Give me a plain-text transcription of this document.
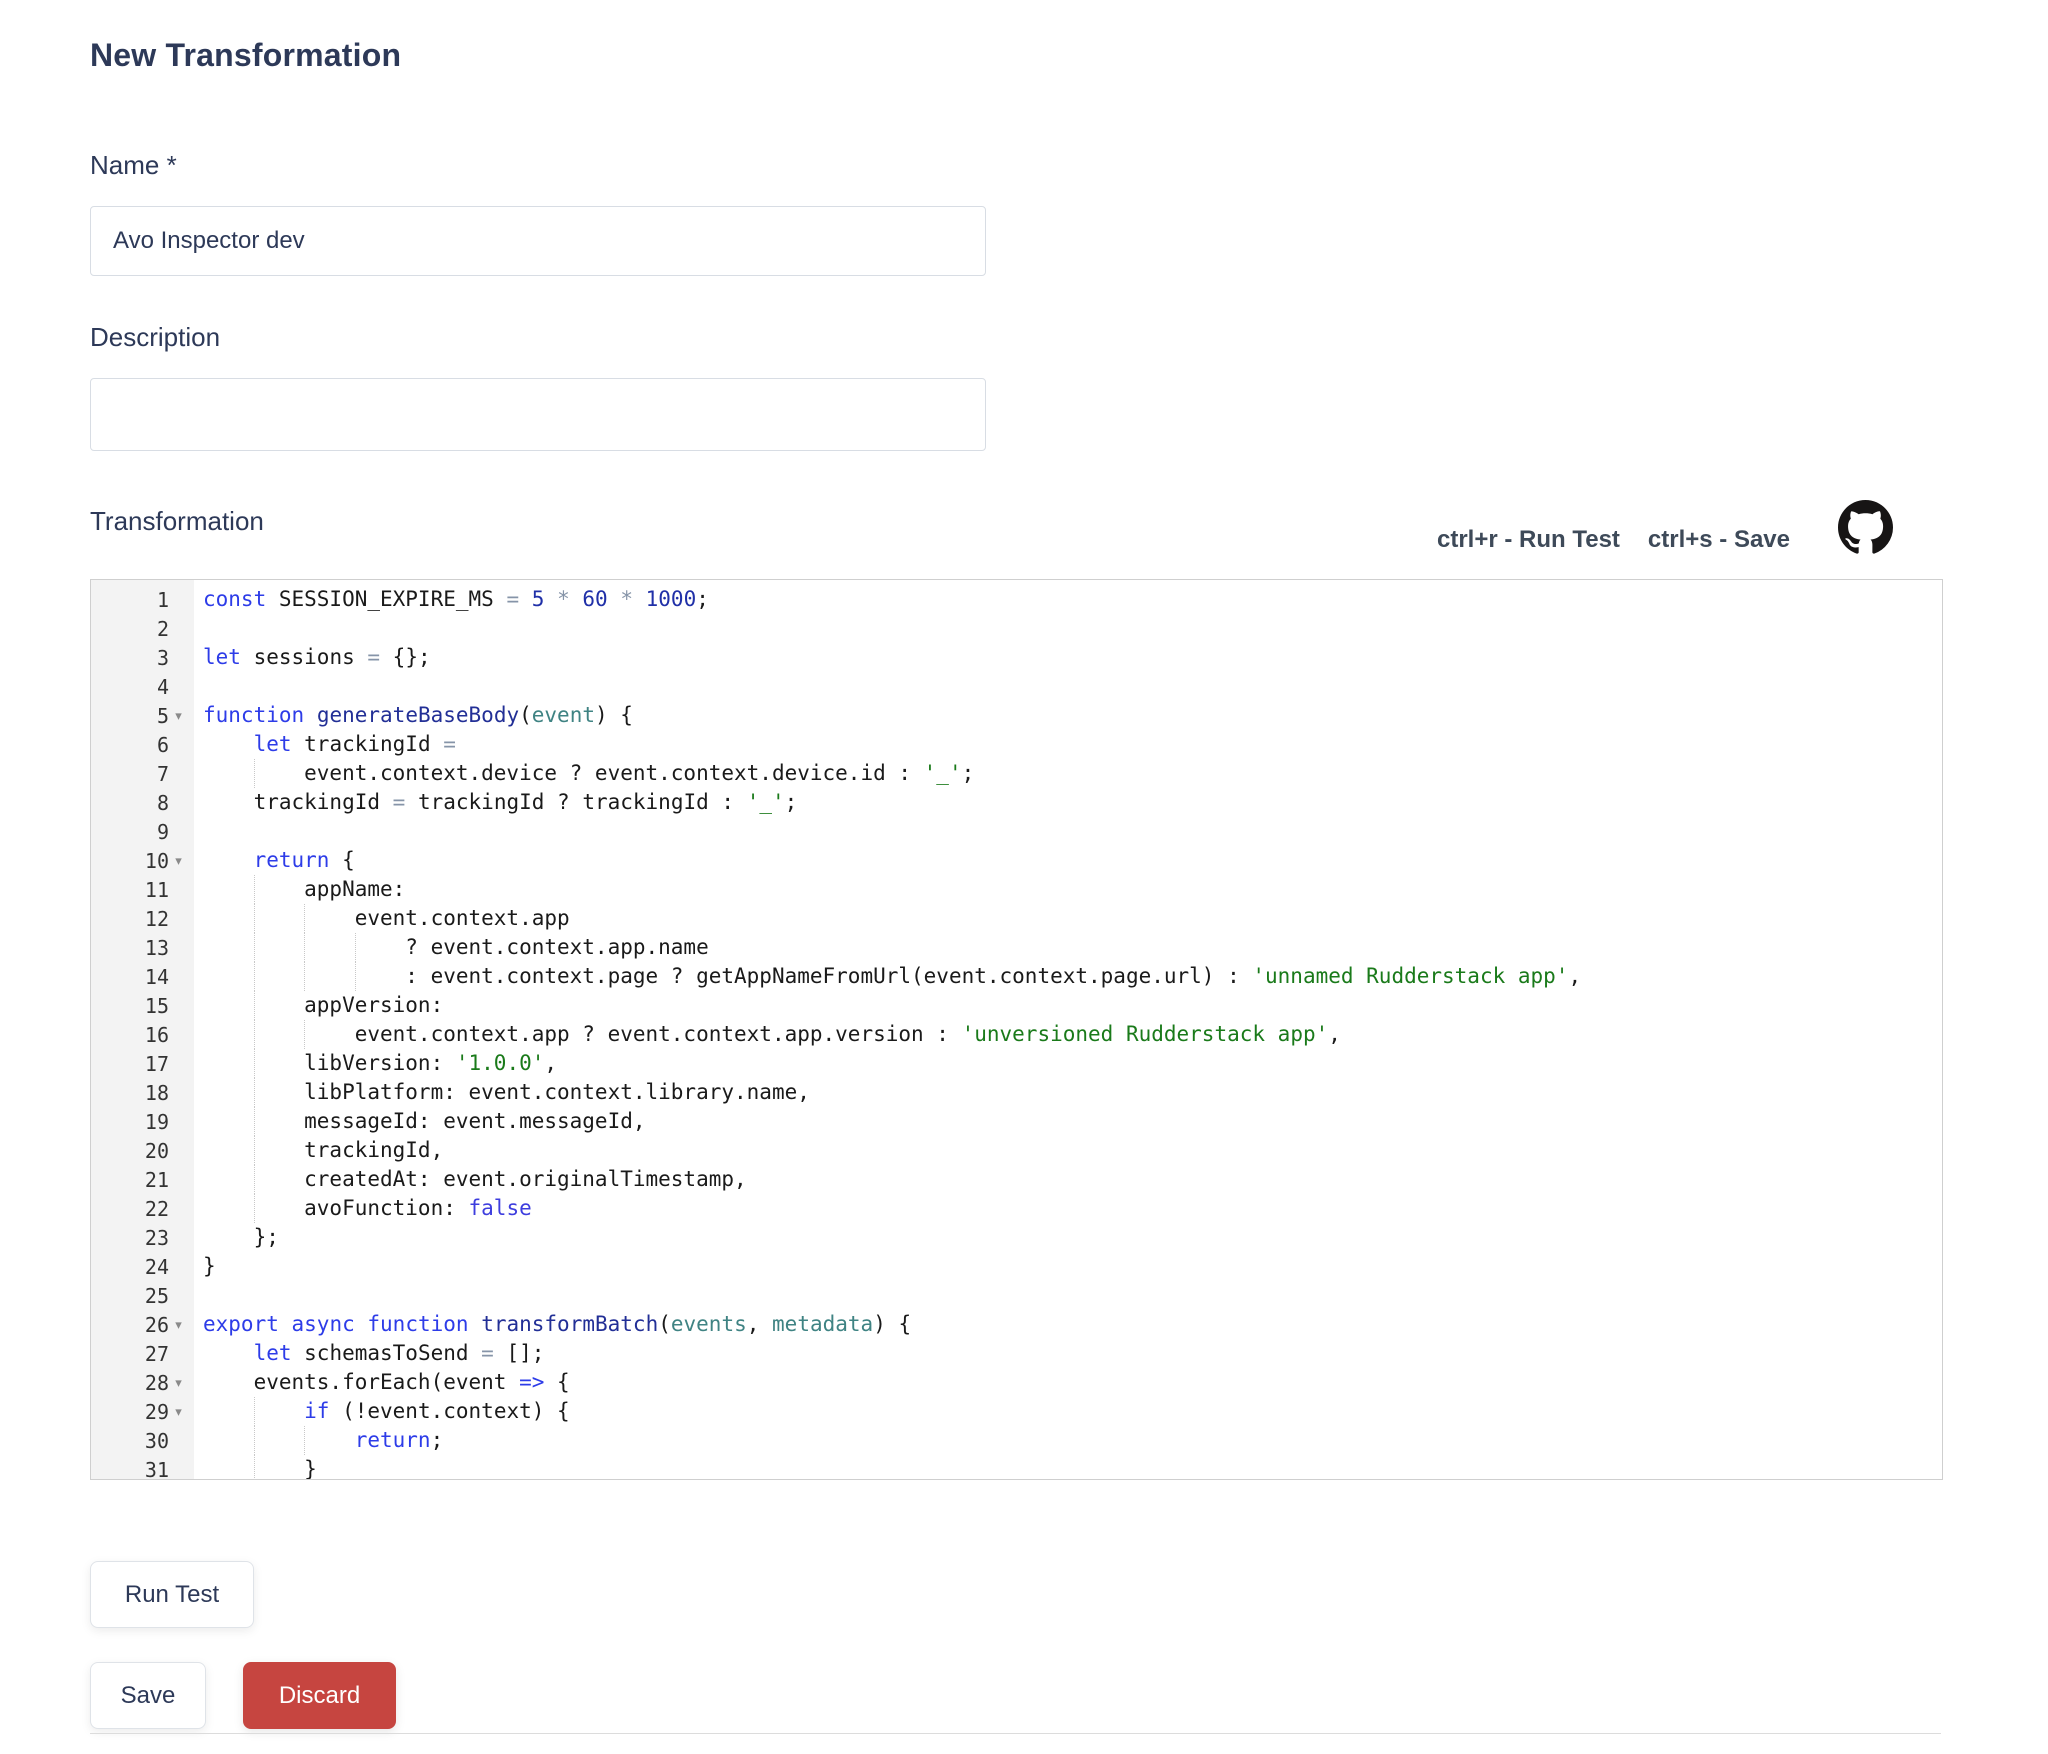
New Transformation
Name *
Avo Inspector dev
Description
Transformation
ctrl+r - Run Test ctrl+s - Save
1
2
3
4
5 ▾
6
7
8
9
10 ▾
11
12
13
14
15
16
17
18
19
20
21
22
23
24
25
26 ▾
27
28 ▾
29 ▾
30
31
const SESSION_EXPIRE_MS = 5 * 60 * 1000;
let sessions = {};
function generateBaseBody(event) {
let trackingId =
event.context.device ? event.context.device.id : '_';
trackingId = trackingId ? trackingId : '_';
return {
appName:
event.context.app
? event.context.app.name
: event.context.page ? getAppNameFromUrl(event.context.page.url) : 'unnamed Rudderstack app',
appVersion:
event.context.app ? event.context.app.version : 'unversioned Rudderstack app',
libVersion: '1.0.0',
libPlatform: event.context.library.name,
messageId: event.messageId,
trackingId,
createdAt: event.originalTimestamp,
avoFunction: false
};
}
export async function transformBatch(events, metadata) {
let schemasToSend = [];
events.forEach(event => {
if (!event.context) {
return;
}
Run Test
Save	Discard
